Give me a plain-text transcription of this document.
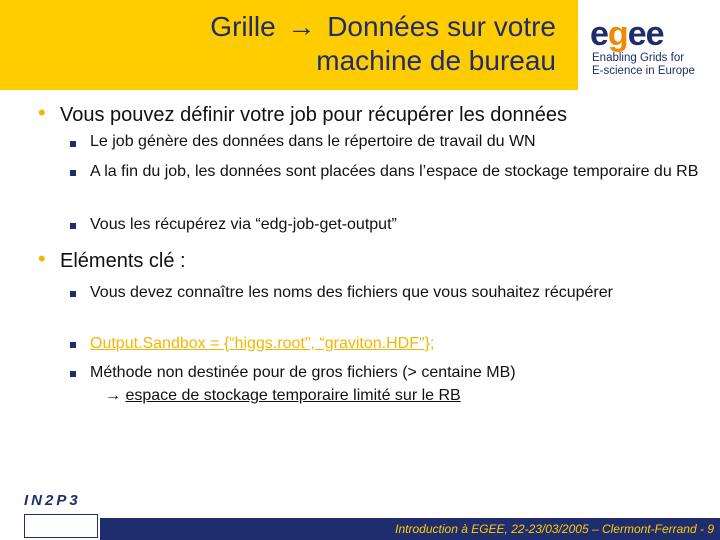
Grille → Données sur votre
machine de bureau
egee
Enabling Grids for
E-science in Europe
• Vous pouvez définir votre job pour récupérer les données
Le job génère des données dans le répertoire de travail du WN
A la fin du job, les données sont placées dans l’espace de stockage temporaire du RB
Vous les récupérez via “edg-job-get-output”
• Eléments clé :
Vous devez connaître les noms des fichiers que vous souhaitez récupérer
Output.Sandbox = {“higgs.root", “graviton.HDF"};
Méthode non destinée pour de gros fichiers (> centaine MB)
→ espace de stockage temporaire limité sur le RB
IN2P3
Introduction à EGEE, 22-23/03/2005 – Clermont-Ferrand - 9
